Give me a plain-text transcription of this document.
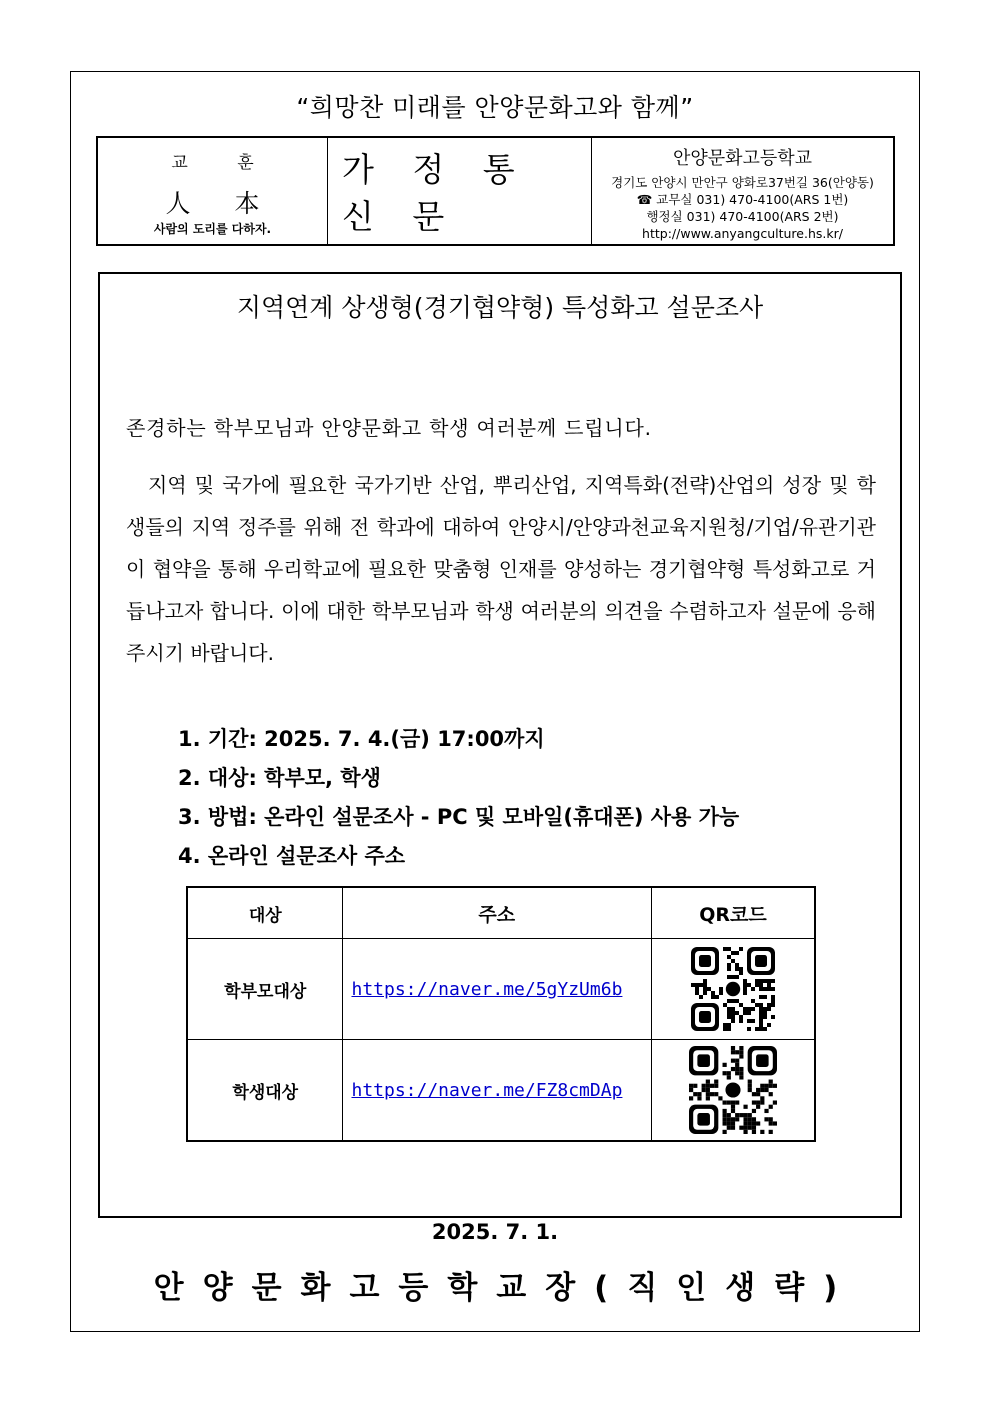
“희망찬 미래를 안양문화고와 함께”
교 훈
人 本
사람의 도리를 다하자.
가 정 통 신 문
안양문화고등학교
경기도 안양시 만안구 양화로37번길 36(안양동)
☎ 교무실 031) 470-4100(ARS 1번)
행정실 031) 470-4100(ARS 2번)
http://www.anyangculture.hs.kr/
지역연계 상생형(경기협약형) 특성화고 설문조사
존경하는 학부모님과 안양문화고 학생 여러분께 드립니다.
지역 및 국가에 필요한 국가기반 산업, 뿌리산업, 지역특화(전략)산업의 성장 및 학생들의 지역 정주를 위해 전 학과에 대하여 안양시/안양과천교육지원청/기업/유관기관이 협약을 통해 우리학교에 필요한 맞춤형 인재를 양성하는 경기협약형 특성화고로 거듭나고자 합니다. 이에 대한 학부모님과 학생 여러분의 의견을 수렴하고자 설문에 응해 주시기 바랍니다.
1. 기간: 2025. 7. 4.(금) 17:00까지
2. 대상: 학부모, 학생
3. 방법: 온라인 설문조사 - PC 및 모바일(휴대폰) 사용 가능
4. 온라인 설문조사 주소
대상	주소	QR코드
학부모대상	https://naver.me/5gYzUm6b	

학생대상	https://naver.me/FZ8cmDAp	
2025. 7. 1.
안양문화고등학교장(직인생략)
